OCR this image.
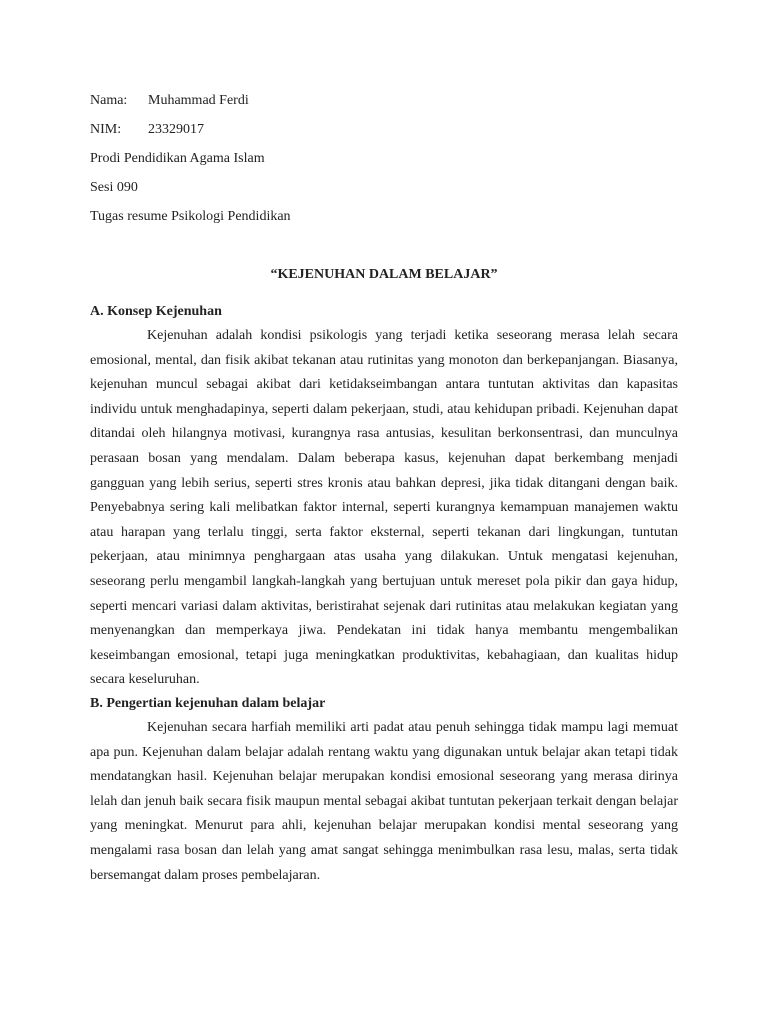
Nama: Muhammad Ferdi
NIM: 23329017
Prodi Pendidikan Agama Islam
Sesi 090
Tugas resume Psikologi Pendidikan
“KEJENUHAN DALAM BELAJAR”

A. Konsep Kejenuhan

Kejenuhan adalah kondisi psikologis yang terjadi ketika seseorang merasa lelah secara emosional, mental, dan fisik akibat tekanan atau rutinitas yang monoton dan berkepanjangan. Biasanya, kejenuhan muncul sebagai akibat dari ketidakseimbangan antara tuntutan aktivitas dan kapasitas individu untuk menghadapinya, seperti dalam pekerjaan, studi, atau kehidupan pribadi. Kejenuhan dapat ditandai oleh hilangnya motivasi, kurangnya rasa antusias, kesulitan berkonsentrasi, dan munculnya perasaan bosan yang mendalam. Dalam beberapa kasus, kejenuhan dapat berkembang menjadi gangguan yang lebih serius, seperti stres kronis atau bahkan depresi, jika tidak ditangani dengan baik. Penyebabnya sering kali melibatkan faktor internal, seperti kurangnya kemampuan manajemen waktu atau harapan yang terlalu tinggi, serta faktor eksternal, seperti tekanan dari lingkungan, tuntutan pekerjaan, atau minimnya penghargaan atas usaha yang dilakukan. Untuk mengatasi kejenuhan, seseorang perlu mengambil langkah-langkah yang bertujuan untuk mereset pola pikir dan gaya hidup, seperti mencari variasi dalam aktivitas, beristirahat sejenak dari rutinitas atau melakukan kegiatan yang menyenangkan dan memperkaya jiwa. Pendekatan ini tidak hanya membantu mengembalikan keseimbangan emosional, tetapi juga meningkatkan produktivitas, kebahagiaan, dan kualitas hidup secara keseluruhan.

B. Pengertian kejenuhan dalam belajar

Kejenuhan secara harfiah memiliki arti padat atau penuh sehingga tidak mampu lagi memuat apa pun. Kejenuhan dalam belajar adalah rentang waktu yang digunakan untuk belajar akan tetapi tidak mendatangkan hasil. Kejenuhan belajar merupakan kondisi emosional seseorang yang merasa dirinya lelah dan jenuh baik secara fisik maupun mental sebagai akibat tuntutan pekerjaan terkait dengan belajar yang meningkat. Menurut para ahli, kejenuhan belajar merupakan kondisi mental seseorang yang mengalami rasa bosan dan lelah yang amat sangat sehingga menimbulkan rasa lesu, malas, serta tidak bersemangat dalam proses pembelajaran.
